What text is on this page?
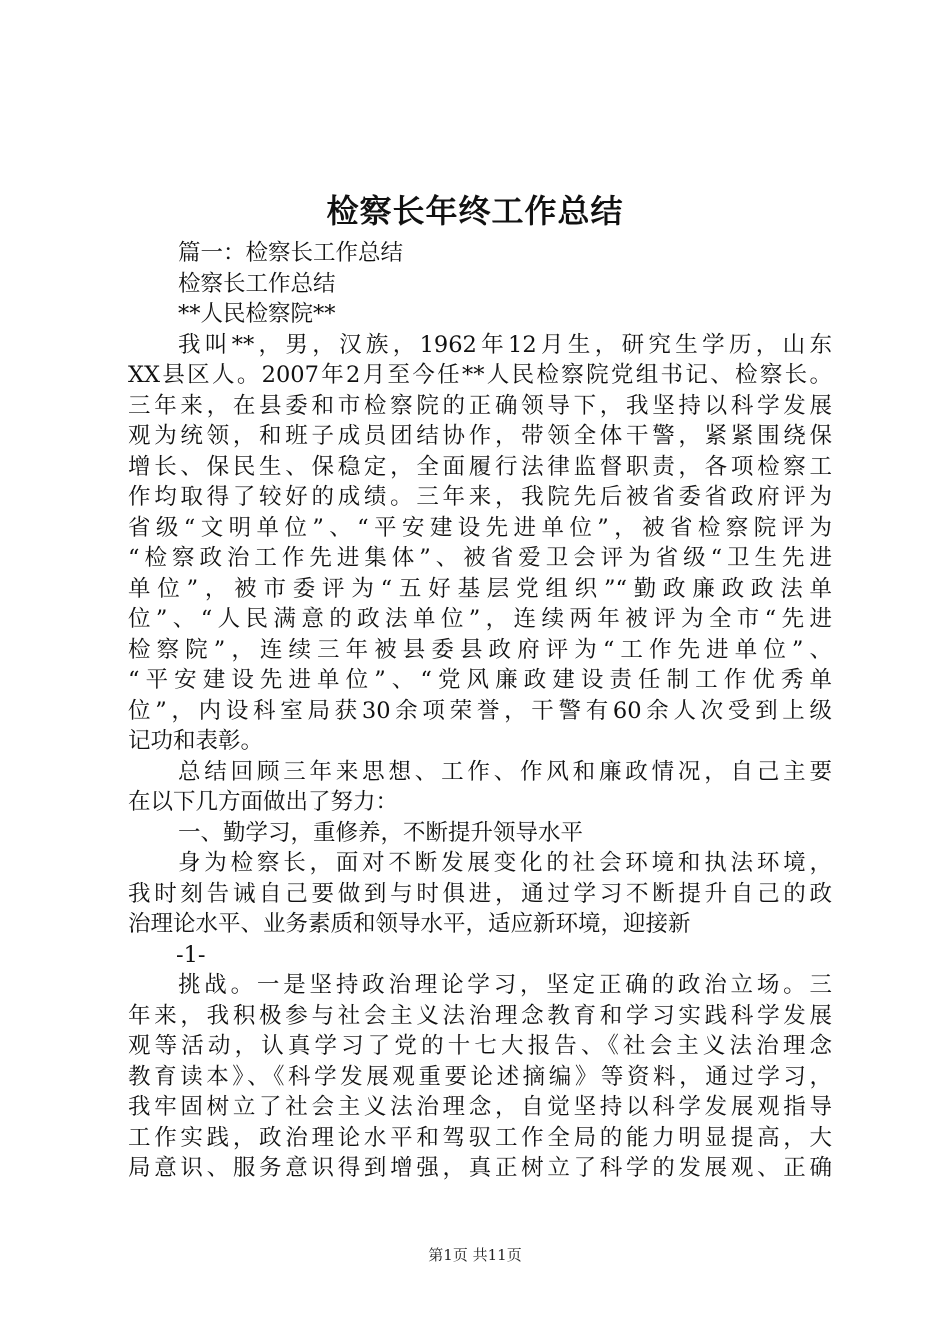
检察长年终工作总结
篇一：检察长工作总结
检察长工作总结
**人民检察院**
我叫**，男，汉族，1962年12月生，研究生学历，山东
XX县区人。2007年2月至今任**人民检察院党组书记、检察长。
三年来，在县委和市检察院的正确领导下，我坚持以科学发展
观为统领，和班子成员团结协作，带领全体干警，紧紧围绕保
增长、保民生、保稳定，全面履行法律监督职责，各项检察工
作均取得了较好的成绩。三年来，我院先后被省委省政府评为
省级“文明单位”、“平安建设先进单位”，被省检察院评为
“检察政治工作先进集体”、被省爱卫会评为省级“卫生先进
单位”，被市委评为“五好基层党组织”“勤政廉政政法单
位”、“人民满意的政法单位”，连续两年被评为全市“先进
检察院”，连续三年被县委县政府评为“工作先进单位”、
“平安建设先进单位”、“党风廉政建设责任制工作优秀单
位”，内设科室局获30余项荣誉，干警有60余人次受到上级
记功和表彰。
总结回顾三年来思想、工作、作风和廉政情况，自己主要
在以下几方面做出了努力：
一、勤学习，重修养，不断提升领导水平
身为检察长，面对不断发展变化的社会环境和执法环境，
我时刻告诫自己要做到与时俱进，通过学习不断提升自己的政
治理论水平、业务素质和领导水平，适应新环境，迎接新
-1-
挑战。一是坚持政治理论学习，坚定正确的政治立场。三
年来，我积极参与社会主义法治理念教育和学习实践科学发展
观等活动，认真学习了党的十七大报告、《社会主义法治理念
教育读本》、《科学发展观重要论述摘编》等资料，通过学习，
我牢固树立了社会主义法治理念，自觉坚持以科学发展观指导
工作实践，政治理论水平和驾驭工作全局的能力明显提高，大
局意识、服务意识得到增强，真正树立了科学的发展观、正确
第1页 共11页
